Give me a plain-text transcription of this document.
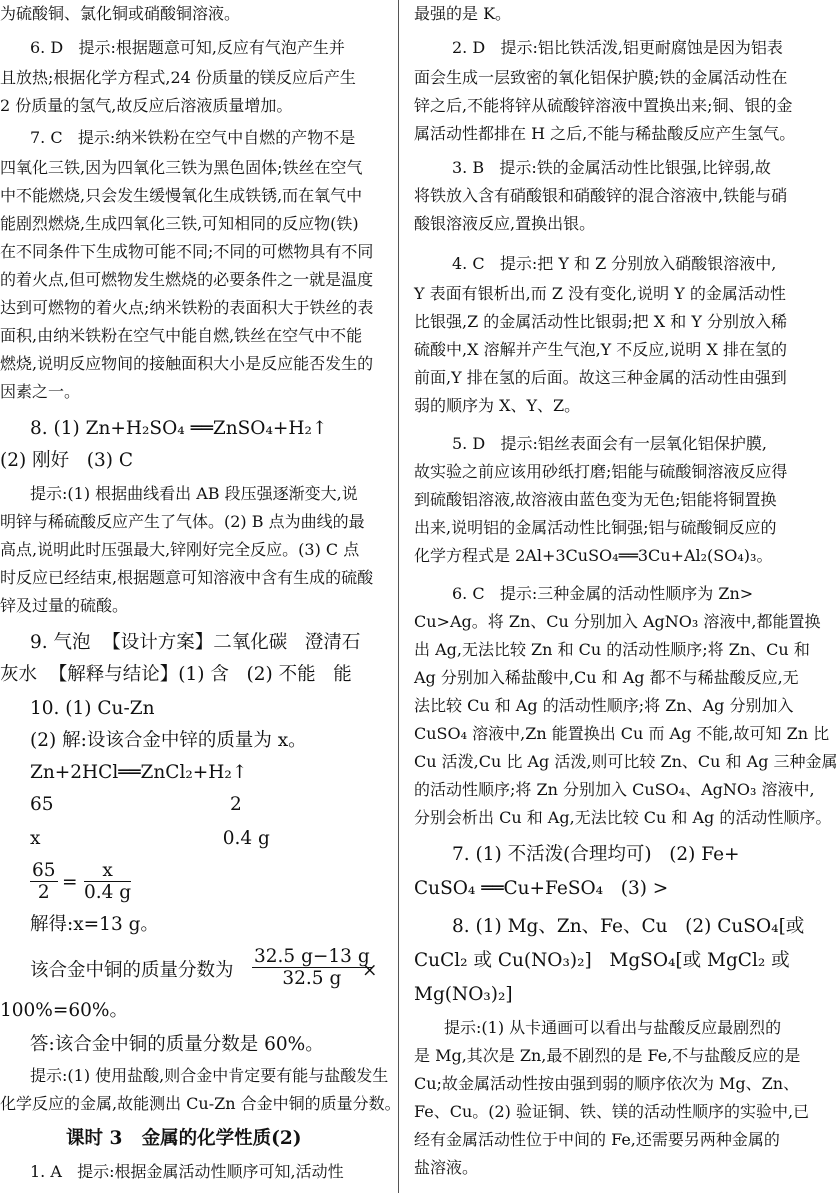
为硫酸铜、氯化铜或硝酸铜溶液。
6. D   提示:根据题意可知,反应有气泡产生并
且放热;根据化学方程式,24 份质量的镁反应后产生
2 份质量的氢气,故反应后溶液质量增加。
7. C   提示:纳米铁粉在空气中自燃的产物不是
四氧化三铁,因为四氧化三铁为黑色固体;铁丝在空气
中不能燃烧,只会发生缓慢氧化生成铁锈,而在氧气中
能剧烈燃烧,生成四氧化三铁,可知相同的反应物(铁)
在不同条件下生成物可能不同;不同的可燃物具有不同
的着火点,但可燃物发生燃烧的必要条件之一就是温度
达到可燃物的着火点;纳米铁粉的表面积大于铁丝的表
面积,由纳米铁粉在空气中能自燃,铁丝在空气中不能
燃烧,说明反应物间的接触面积大小是反应能否发生的
因素之一。
8. (1) Zn+H₂SO₄ ══ZnSO₄+H₂↑
(2) 刚好   (3) C
提示:(1) 根据曲线看出 AB 段压强逐渐变大,说
明锌与稀硫酸反应产生了气体。(2) B 点为曲线的最
高点,说明此时压强最大,锌刚好完全反应。(3) C 点
时反应已经结束,根据题意可知溶液中含有生成的硫酸
锌及过量的硫酸。
9. 气泡  【设计方案】二氧化碳   澄清石
灰水  【解释与结论】(1) 含   (2) 不能   能
10. (1) Cu-Zn
(2) 解:设该合金中锌的质量为 x。
Zn+2HCl══ZnCl₂+H₂↑
65                              2
x                               0.4 g
$\frac{65}{2} = \frac{x}{0.4 g}$
解得:x=13 g。
该合金中铜的质量分数为 $\frac{32.5 g-13 g}{32.5 g}$
×
100%=60%。
答:该合金中铜的质量分数是 60%。
提示:(1) 使用盐酸,则合金中肯定要有能与盐酸发生
化学反应的金属,故能测出 Cu-Zn 合金中铜的质量分数。
课时 3   金属的化学性质(2)
1. A   提示:根据金属活动性顺序可知,活动性
最强的是 K。
2. D   提示:铝比铁活泼,铝更耐腐蚀是因为铝表
面会生成一层致密的氧化铝保护膜;铁的金属活动性在
锌之后,不能将锌从硫酸锌溶液中置换出来;铜、银的金
属活动性都排在 H 之后,不能与稀盐酸反应产生氢气。
3. B   提示:铁的金属活动性比银强,比锌弱,故
将铁放入含有硝酸银和硝酸锌的混合溶液中,铁能与硝
酸银溶液反应,置换出银。
4. C   提示:把 Y 和 Z 分别放入硝酸银溶液中,
Y 表面有银析出,而 Z 没有变化,说明 Y 的金属活动性
比银强,Z 的金属活动性比银弱;把 X 和 Y 分别放入稀
硫酸中,X 溶解并产生气泡,Y 不反应,说明 X 排在氢的
前面,Y 排在氢的后面。故这三种金属的活动性由强到
弱的顺序为 X、Y、Z。
5. D   提示:铝丝表面会有一层氧化铝保护膜,
故实验之前应该用砂纸打磨;铝能与硫酸铜溶液反应得
到硫酸铝溶液,故溶液由蓝色变为无色;铝能将铜置换
出来,说明铝的金属活动性比铜强;铝与硫酸铜反应的
化学方程式是 2Al+3CuSO₄══3Cu+Al₂(SO₄)₃。
6. C   提示:三种金属的活动性顺序为 Zn>
Cu>Ag。将 Zn、Cu 分别加入 AgNO₃ 溶液中,都能置换
出 Ag,无法比较 Zn 和 Cu 的活动性顺序;将 Zn、Cu 和
Ag 分别加入稀盐酸中,Cu 和 Ag 都不与稀盐酸反应,无
法比较 Cu 和 Ag 的活动性顺序;将 Zn、Ag 分别加入
CuSO₄ 溶液中,Zn 能置换出 Cu 而 Ag 不能,故可知 Zn 比
Cu 活泼,Cu 比 Ag 活泼,则可比较 Zn、Cu 和 Ag 三种金属
的活动性顺序;将 Zn 分别加入 CuSO₄、AgNO₃ 溶液中,
分别会析出 Cu 和 Ag,无法比较 Cu 和 Ag 的活动性顺序。
7. (1) 不活泼(合理均可)   (2) Fe+
CuSO₄ ══Cu+FeSO₄   (3) >
8. (1) Mg、Zn、Fe、Cu   (2) CuSO₄[或
CuCl₂ 或 Cu(NO₃)₂]   MgSO₄[或 MgCl₂ 或
Mg(NO₃)₂]
提示:(1) 从卡通画可以看出与盐酸反应最剧烈的
是 Mg,其次是 Zn,最不剧烈的是 Fe,不与盐酸反应的是
Cu;故金属活动性按由强到弱的顺序依次为 Mg、Zn、
Fe、Cu。(2) 验证铜、铁、镁的活动性顺序的实验中,已
经有金属活动性位于中间的 Fe,还需要另两种金属的
盐溶液。
